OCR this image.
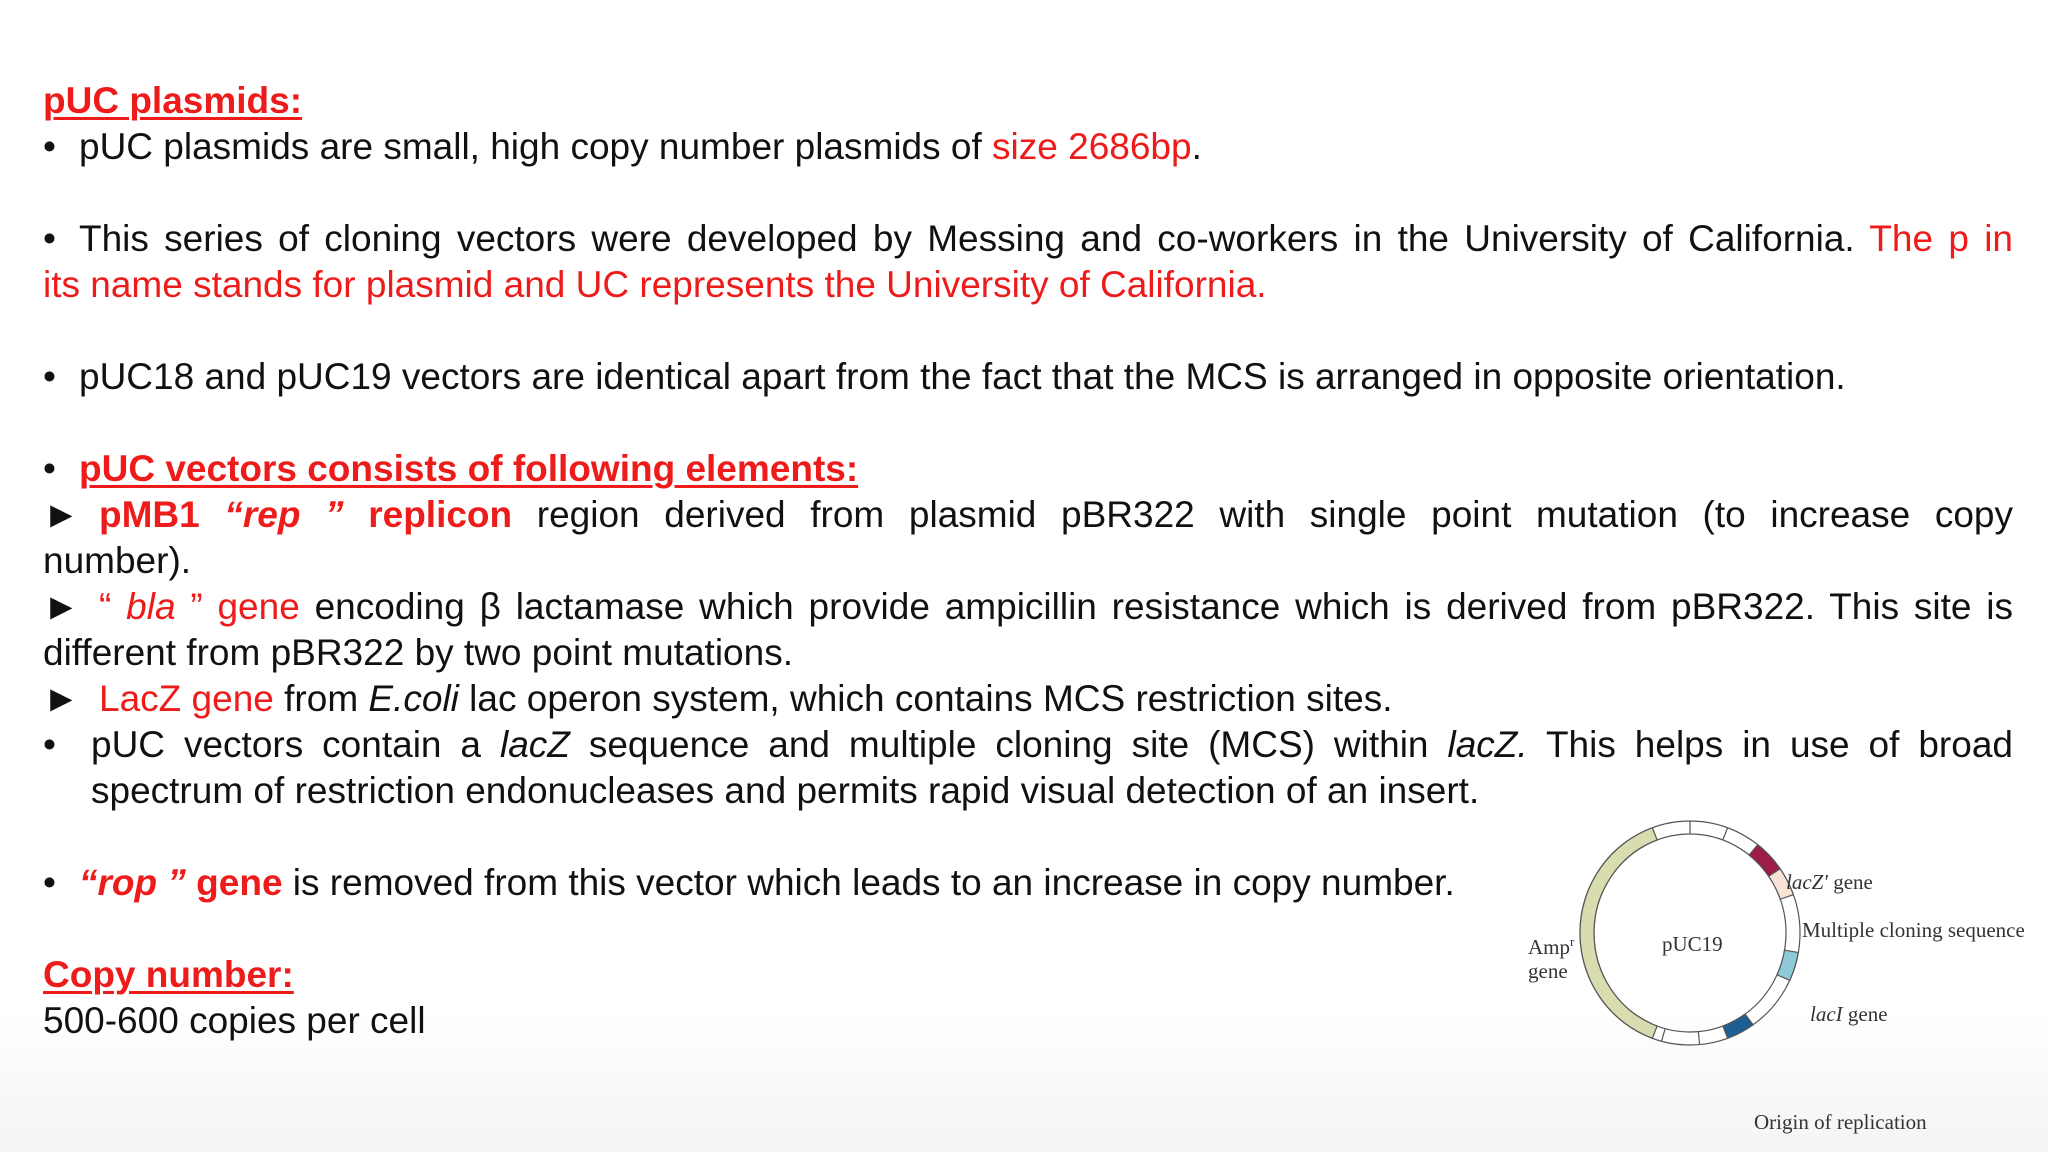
pUC plasmids:

• pUC plasmids are small, high copy number plasmids of size 2686bp.

• This series of cloning vectors were developed by Messing and co-workers in the University of California. The p in

its name stands for plasmid and UC represents the University of California.

• pUC18 and pUC19 vectors are identical apart from the fact that the MCS is arranged in opposite orientation.

• pUC vectors consists of following elements:

► pMB1 “rep ” replicon region derived from plasmid pBR322 with single point mutation (to increase copy

number).

► “ bla ” gene encoding β lactamase which provide ampicillin resistance which is derived from pBR322. This site is

different from pBR322 by two point mutations.

► LacZ gene from E.coli lac operon system, which contains MCS restriction sites.

• pUC vectors contain a lacZ sequence and multiple cloning site (MCS) within lacZ. This helps in use of broad spectrum of restriction endonucleases and permits rapid visual detection of an insert.

• “rop ” gene is removed from this vector which leads to an increase in copy number.

Copy number:

500-600 copies per cell

pUC19
Amp$^r$
gene
lacZ′ gene
Multiple cloning sequence
lacI gene
Origin of replication
